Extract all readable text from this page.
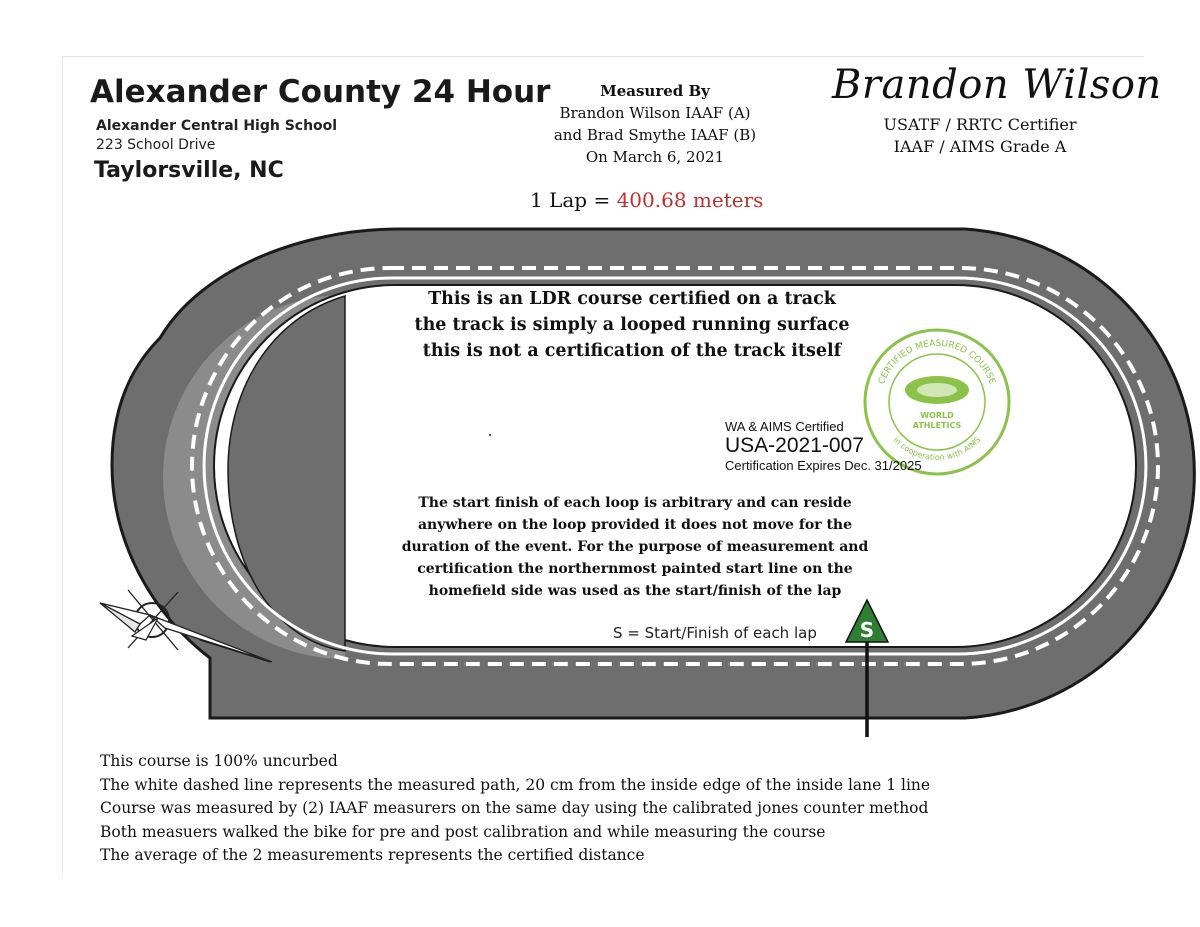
Alexander County 24 Hour
Alexander Central High School
223 School Drive
Taylorsville, NC
Measured By
Brandon Wilson IAAF (A)
and Brad Smythe IAAF (B)
On March 6, 2021
Brandon Wilson
USATF / RRTC Certifier
IAAF / AIMS Grade A
1 Lap = 400.68 meters
S
CERTIFIED MEASURED COURSE
in cooperation with AIMS
WORLD
ATHLETICS
This is an LDR course certified on a track
the track is simply a looped running surface
this is not a certification of the track itself
WA & AIMS Certified
USA-2021-007
Certification Expires Dec. 31/2025
The start finish of each loop is arbitrary and can reside
anywhere on the loop provided it does not move for the
duration of the event. For the purpose of measurement and
certification the northernmost painted start line on the
homefield side was used as the start/finish of the lap
S = Start/Finish of each lap
This course is 100% uncurbed
The white dashed line represents the measured path, 20 cm from the inside edge of the inside lane 1 line
Course was measured by (2) IAAF measurers on the same day using the calibrated jones counter method
Both measuers walked the bike for pre and post calibration and while measuring the course
The average of the 2 measurements represents the certified distance
